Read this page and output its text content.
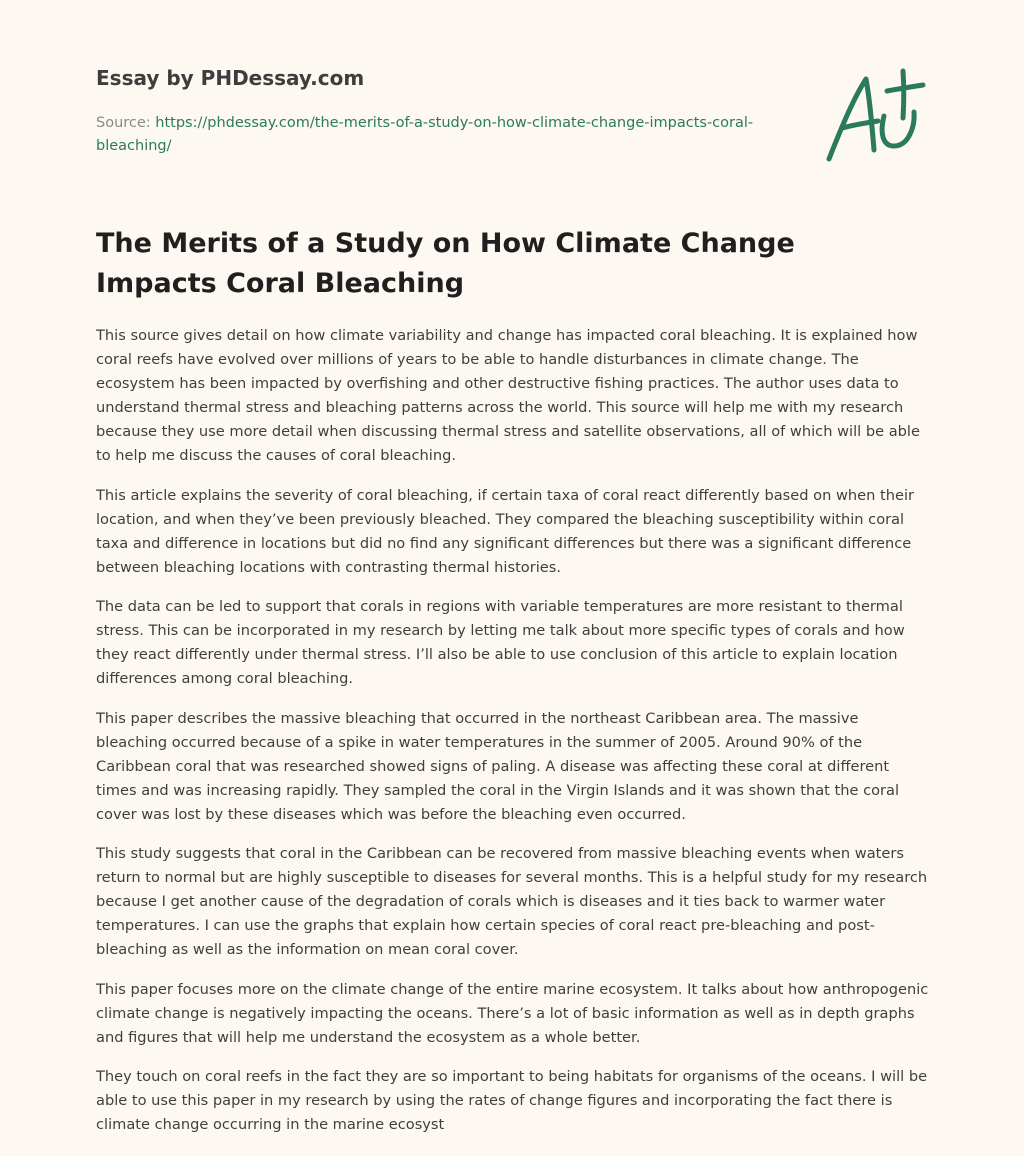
Essay by PHDessay.com
Source: https://phdessay.com/the-merits-of-a-study-on-how-climate-change-impacts-coral-bleaching/
The Merits of a Study on How Climate Change Impacts Coral Bleaching

This source gives detail on how climate variability and change has impacted coral bleaching. It is explained how coral reefs have evolved over millions of years to be able to handle disturbances in climate change. The ecosystem has been impacted by overfishing and other destructive fishing practices. The author uses data to understand thermal stress and bleaching patterns across the world. This source will help me with my research because they use more detail when discussing thermal stress and satellite observations, all of which will be able to help me discuss the causes of coral bleaching.

This article explains the severity of coral bleaching, if certain taxa of coral react differently based on when their location, and when they’ve been previously bleached. They compared the bleaching susceptibility within coral taxa and difference in locations but did no find any significant differences but there was a significant difference between bleaching locations with contrasting thermal histories.

The data can be led to support that corals in regions with variable temperatures are more resistant to thermal stress. This can be incorporated in my research by letting me talk about more specific types of corals and how they react differently under thermal stress. I’ll also be able to use conclusion of this article to explain location differences among coral bleaching.

This paper describes the massive bleaching that occurred in the northeast Caribbean area. The massive bleaching occurred because of a spike in water temperatures in the summer of 2005. Around 90% of the Caribbean coral that was researched showed signs of paling. A disease was affecting these coral at different times and was increasing rapidly. They sampled the coral in the Virgin Islands and it was shown that the coral cover was lost by these diseases which was before the bleaching even occurred.

This study suggests that coral in the Caribbean can be recovered from massive bleaching events when waters return to normal but are highly susceptible to diseases for several months. This is a helpful study for my research because I get another cause of the degradation of corals which is diseases and it ties back to warmer water temperatures. I can use the graphs that explain how certain species of coral react pre-bleaching and post-bleaching as well as the information on mean coral cover.

This paper focuses more on the climate change of the entire marine ecosystem. It talks about how anthropogenic climate change is negatively impacting the oceans. There’s a lot of basic information as well as in depth graphs and figures that will help me understand the ecosystem as a whole better.

They touch on coral reefs in the fact they are so important to being habitats for organisms of the oceans. I will be able to use this paper in my research by using the rates of change figures and incorporating the fact there is climate change occurring in the marine ecosyst
